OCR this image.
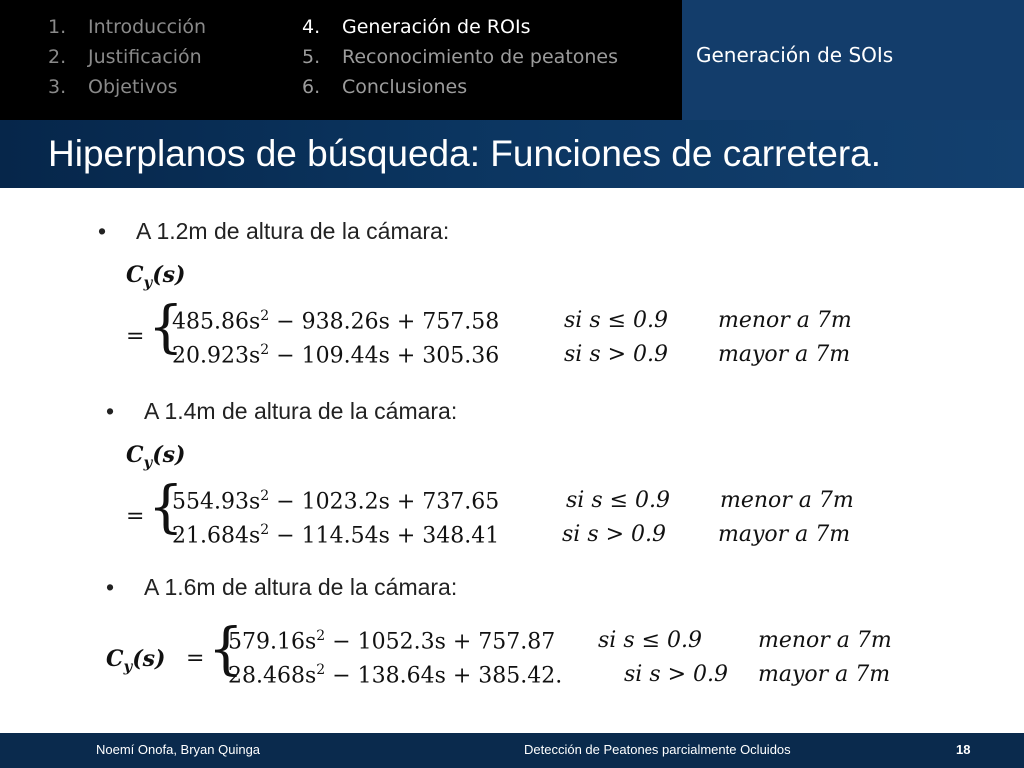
1. Introducción
2. Justificación
3. Objetivos
4. Generación de ROIs
5. Reconocimiento de peatones
6. Conclusiones
Generación de SOIs
Hiperplanos de búsqueda: Funciones de carretera.
• A 1.2m de altura de la cámara:
$C_y(s)$
= {
$485.86s^2 - 938.26s + 757.58$	si s ≤ 0.9 menor a 7m
$20.923s^2 - 109.44s + 305.36$	si s > 0.9 mayor a 7m
• A 1.4m de altura de la cámara:
$C_y(s)$
= {
$554.93s^2 - 1023.2s + 737.65$	si s ≤ 0.9 menor a 7m
$21.684s^2 - 114.54s + 348.41$	si s > 0.9 mayor a 7m
• A 1.6m de altura de la cámara:
$C_y(s)$ = {
$579.16s^2 - 1052.3s + 757.87$ si s ≤ 0.9	menor a 7m
$28.468s^2 - 138.64s + 385.42$.	si s > 0.9 mayor a 7m
Noemí Onofa, Bryan Quinga	Detección de Peatones parcialmente Ocluidos	18
